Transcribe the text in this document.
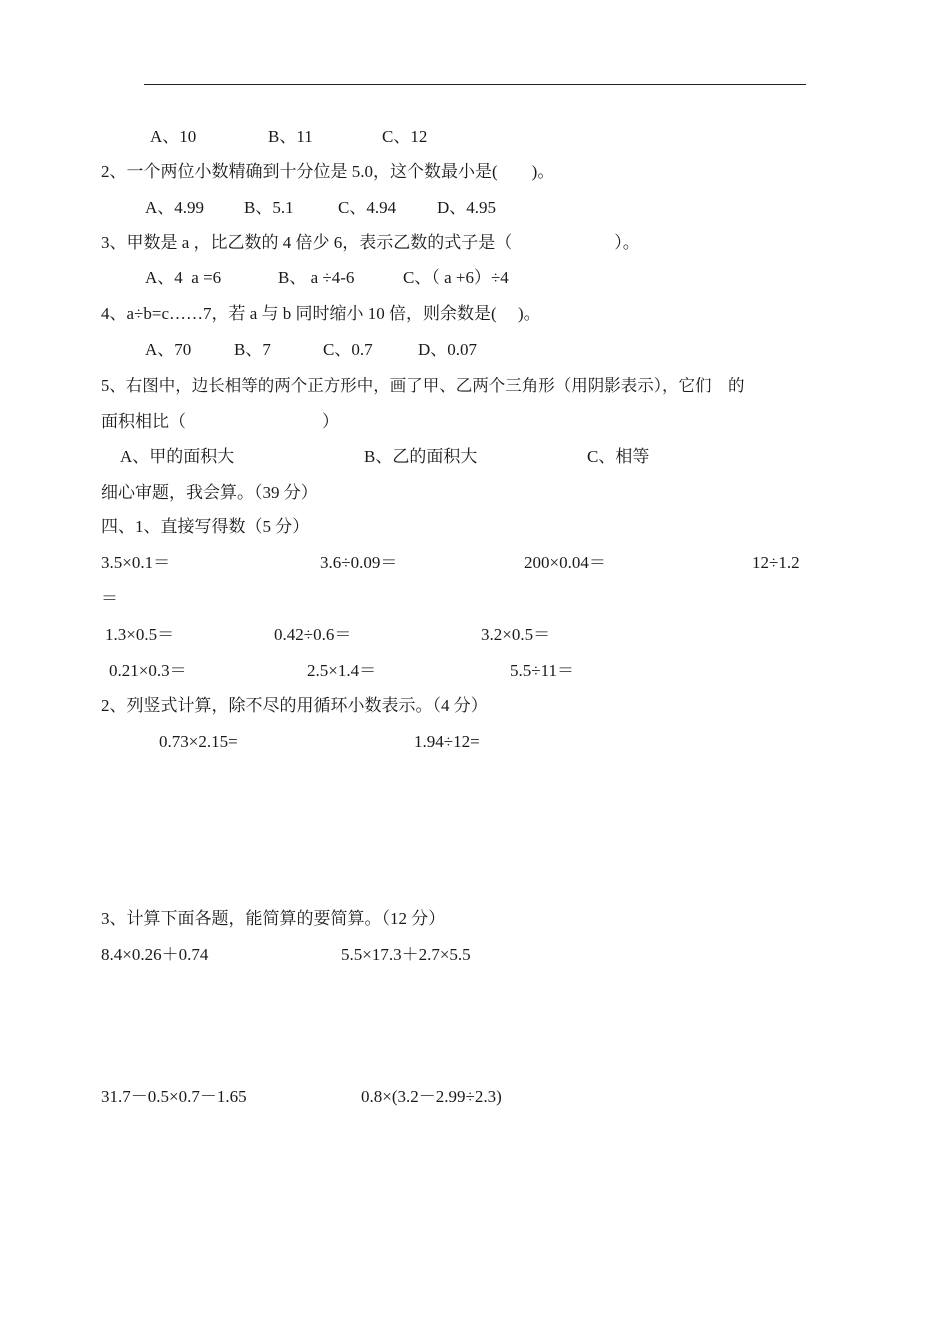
A、10	B、11	C、12
2、一个两位小数精确到十分位是 5.0，这个数最小是(        )。
A、4.99 B、5.1	C、4.94 D、4.95
3、甲数是 a ，比乙数的 4 倍少 6，表示乙数的式子是（                        ）。
A、4  a =6	B、 a ÷4-6	C、（ a +6）÷4
4、a÷b=c……7，若 a 与 b 同时缩小 10 倍，则余数是(     )。
A、70	B、7	C、0.7	D、0.07
5、右图中，边长相等的两个正方形中，画了甲、乙两个三角形（用阴影表示），它们    的
面积相比（                                ）
A、甲的面积大	B、乙的面积大	C、相等
细心审题，我会算。（39 分）
四、1、直接写得数（5 分）
3.5×0.1＝	3.6÷0.09＝	200×0.04＝	12÷1.2
＝
1.3×0.5＝	0.42÷0.6＝	3.2×0.5＝
0.21×0.3＝	2.5×1.4＝	5.5÷11＝
2、列竖式计算，除不尽的用循环小数表示。（4 分）
0.73×2.15=	1.94÷12=
3、计算下面各题，能简算的要简算。（12 分）
8.4×0.26＋0.74	5.5×17.3＋2.7×5.5
31.7－0.5×0.7－1.65	0.8×(3.2－2.99÷2.3)
